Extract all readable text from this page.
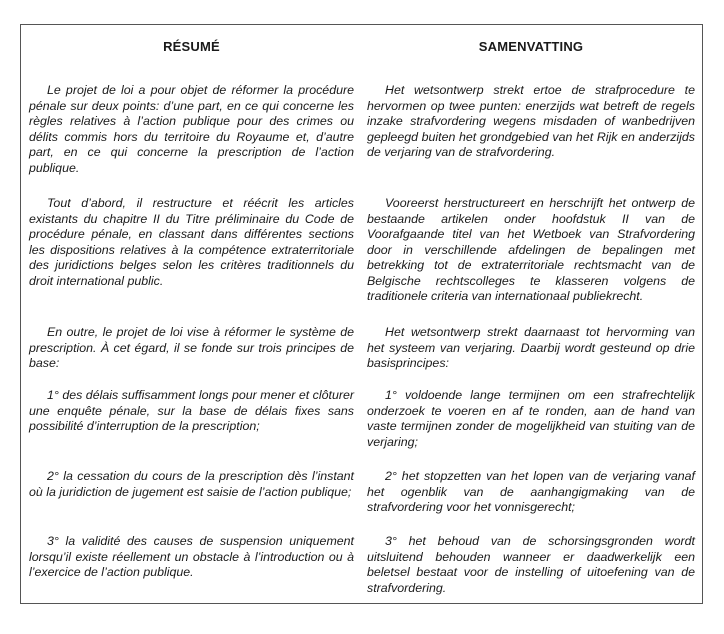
RÉSUMÉ

Le projet de loi a pour objet de réformer la procédure pénale sur deux points: d’une part, en ce qui concerne les règles relatives à l’action publique pour des crimes ou délits commis hors du territoire du Royaume et, d’autre part, en ce qui concerne la prescription de l’action publique.

Tout d’abord, il restructure et réécrit les articles existants du chapitre II du Titre préliminaire du Code de procédure pénale, en classant dans différentes sections les dispositions relatives à la compétence extraterritoriale des juridictions belges selon les critères traditionnels du droit international public.

En outre, le projet de loi vise à réformer le système de prescription. À cet égard, il se fonde sur trois principes de base:

1° des délais suffisamment longs pour mener et clôturer une enquête pénale, sur la base de délais fixes sans possibilité d’interruption de la prescription;

2° la cessation du cours de la prescription dès l’instant où la juridiction de jugement est saisie de l’action publique;

3° la validité des causes de suspension uniquement lorsqu’il existe réellement un obstacle à l’introduction ou à l’exercice de l’action publique.

SAMENVATTING

Het wetsontwerp strekt ertoe de strafprocedure te hervormen op twee punten: enerzijds wat betreft de regels inzake strafvordering wegens misdaden of wanbedrijven gepleegd buiten het grondgebied van het Rijk en anderzijds de verjaring van de strafvordering.

Vooreerst herstructureert en herschrijft het ontwerp de bestaande artikelen onder hoofdstuk II van de Voorafgaande titel van het Wetboek van Strafvordering door in verschillende afdelingen de bepalingen met betrekking tot de extraterritoriale rechtsmacht van de Belgische rechtscolleges te klasseren volgens de traditionele criteria van internationaal publiekrecht.

Het wetsontwerp strekt daarnaast tot hervorming van het systeem van verjaring. Daarbij wordt gesteund op drie basisprincipes:

1° voldoende lange termijnen om een strafrechtelijk onderzoek te voeren en af te ronden, aan de hand van vaste termijnen zonder de mogelijkheid van stuiting van de verjaring;

2° het stopzetten van het lopen van de verjaring vanaf het ogenblik van de aanhangigmaking van de strafvordering voor het vonnisgerecht;

3° het behoud van de schorsingsgronden wordt uitsluitend behouden wanneer er daadwerkelijk een beletsel bestaat voor de instelling of uitoefening van de strafvordering.
